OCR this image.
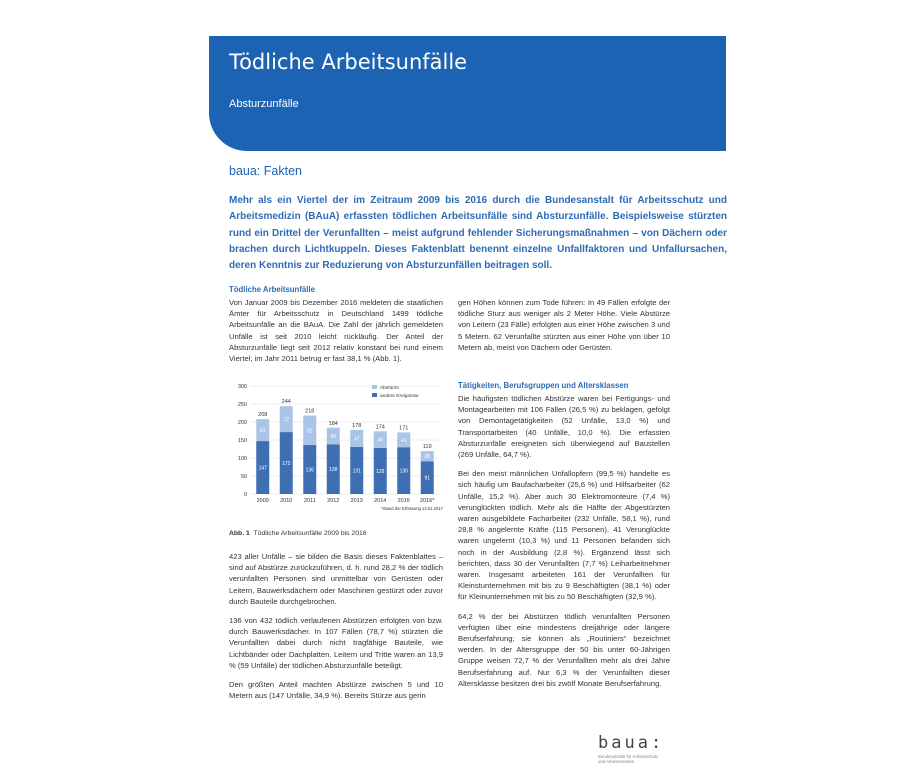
Tödliche Arbeitsunfälle
Absturzunfälle
baua: Fakten
Mehr als ein Viertel der im Zeitraum 2009 bis 2016 durch die Bundesanstalt für Arbeitsschutz und Arbeitsmedizin (BAuA) erfassten tödlichen Arbeitsunfälle sind Absturzunfälle. Beispielsweise stürzten rund ein Drittel der Verunfallten – meist aufgrund fehlender Sicherungsmaßnahmen – von Dächern oder brachen durch Lichtkuppeln. Dieses Faktenblatt benennt einzelne Unfallfaktoren und Unfallursachen, deren Kenntnis zur Reduzierung von Absturzunfällen beitragen soll.
Tödliche Arbeitsunfälle

Von Januar 2009 bis Dezember 2016 meldeten die staatlichen Ämter für Arbeitsschutz in Deutschland 1499 tödliche Arbeitsunfälle an die BAuA. Die Zahl der jährlich gemeldeten Unfälle ist seit 2010 leicht rückläufig. Der Anteil der Absturzunfälle liegt seit 2012 relativ konstant bei rund einem Viertel; im Jahr 2011 betrug er fast 38,1 % (Abb. 1).

0
50
100
150
200
250
300
147
61
208
2009
172
72
244
2010
136
82
218
2011
138
46
184
2012
131
47
178
2013
128
46
174
2014
130
41
171
2015
91
28
119
2016*
Abstürze
andere Ereignisse
*Stand der Erfassung 13.01.2017
Abb. 1 Tödliche Arbeitsunfälle 2009 bis 2016

423 aller Unfälle – sie bilden die Basis dieses Faktenblattes – sind auf Abstürze zurückzuführen, d. h. rund 28,2 % der tödlich verunfallten Personen sind unmittelbar von Gerüsten oder Leitern, Bauwerksdächern oder Maschinen gestürzt oder zuvor durch Bauteile durchgebrochen.

136 von 432 tödlich verlaufenen Abstürzen erfolgten von bzw. durch Bauwerksdächer. In 107 Fällen (78,7 %) stürzten die Verunfallten dabei durch nicht tragfähige Bauteile, wie Lichtbänder oder Dachplatten. Leitern und Tritte waren an 13,9 % (59 Unfälle) der tödlichen Absturzunfälle beteiligt.

Den größten Anteil machten Abstürze zwischen 5 und 10 Metern aus (147 Unfälle, 34,9 %). Bereits Stürze aus gerin

gen Höhen können zum Tode führen: In 49 Fällen erfolgte der tödliche Sturz aus weniger als 2 Meter Höhe. Viele Abstürze von Leitern (23 Fälle) erfolgten aus einer Höhe zwischen 3 und 5 Metern. 62 Verunfallte stürzten aus einer Höhe von über 10 Metern ab, meist von Dächern oder Gerüsten.

Tätigkeiten, Berufsgruppen und Altersklassen

Die häufigsten tödlichen Abstürze waren bei Fertigungs- und Montagearbeiten mit 106 Fällen (26,5 %) zu beklagen, gefolgt von Demontagetätigkeiten (52 Unfälle, 13,0 %) und Transportarbeiten (40 Unfälle, 10,0 %). Die erfassten Absturzunfälle ereigneten sich überwiegend auf Baustellen (269 Unfälle, 64,7 %).

Bei den meist männlichen Unfallopfern (99,5 %) handelte es sich häufig um Baufacharbeiter (25,6 %) und Hilfsarbeiter (62 Unfälle, 15,2 %). Aber auch 30 Elektromonteure (7,4 %) verunglückten tödlich. Mehr als die Hälfte der Abgestürzten waren ausgebildete Facharbeiter (232 Unfälle, 58,1 %), rund 28,8 % angelernte Kräfte (115 Personen). 41 Verunglückte waren ungelernt (10,3 %) und 11 Personen befanden sich noch in der Ausbildung (2,8 %). Ergänzend lässt sich berichten, dass 30 der Verunfallten (7,7 %) Leiharbeitnehmer waren. Insgesamt arbeiteten 161 der Verunfallten für Kleinstunternehmen mit bis zu 9 Beschäftigten (38,1 %) oder für Kleinunternehmen mit bis zu 50 Beschäftigten (32,9 %).

64,2 % der bei Abstürzen tödlich verunfallten Personen verfügten über eine mindestens dreijährige oder längere Berufserfahrung; sie können als „Routiniers“ bezeichnet werden. In der Altersgruppe der 50 bis unter 60-Jährigen Gruppe weisen 72,7 % der Verunfallten mehr als drei Jahre Berufserfahrung auf. Nur 6,3 % der Verunfallten dieser Altersklasse besitzen drei bis zwölf Monate Berufserfahrung.

baua:
Bundesanstalt für Arbeitsschutz
und Arbeitsmedizin
